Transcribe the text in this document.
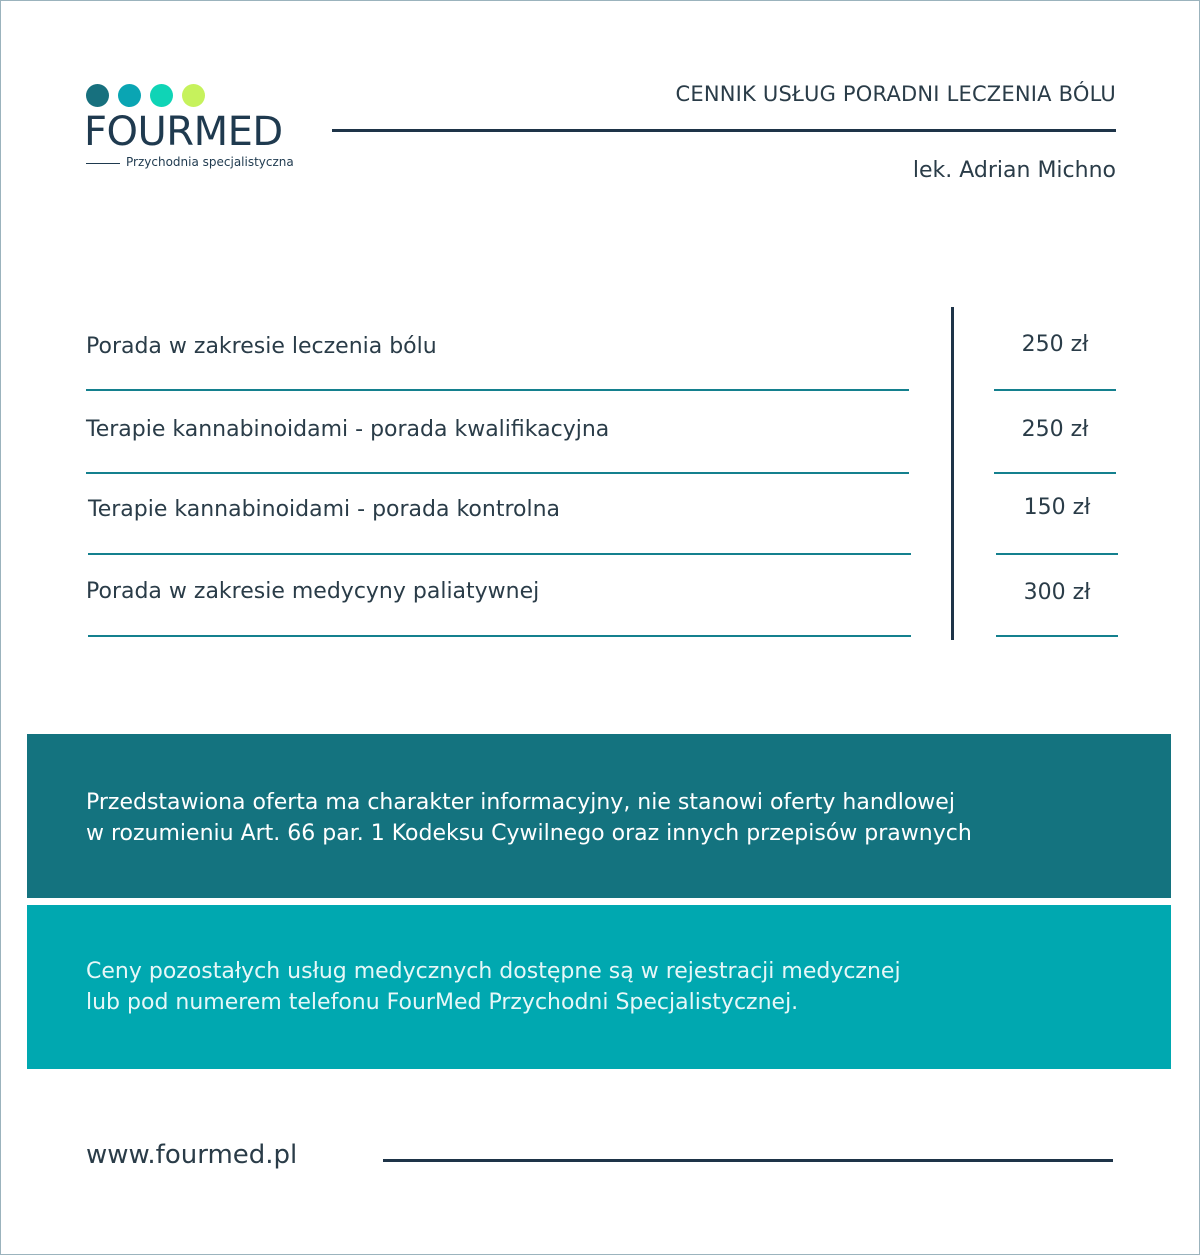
FOURMED
Przychodnia specjalistyczna
CENNIK USŁUG PORADNI LECZENIA BÓLU
lek. Adrian Michno
Porada w zakresie leczenia bólu	250 zł
Terapie kannabinoidami - porada kwalifikacyjna	250 zł
Terapie kannabinoidami - porada kontrolna	150 zł
Porada w zakresie medycyny paliatywnej	300 zł

Przedstawiona oferta ma charakter informacyjny, nie stanowi oferty handlowej

w rozumieniu Art. 66 par. 1 Kodeksu Cywilnego oraz innych przepisów prawnych

Ceny pozostałych usług medycznych dostępne są w rejestracji medycznej

lub pod numerem telefonu FourMed Przychodni Specjalistycznej.

www.fourmed.pl
